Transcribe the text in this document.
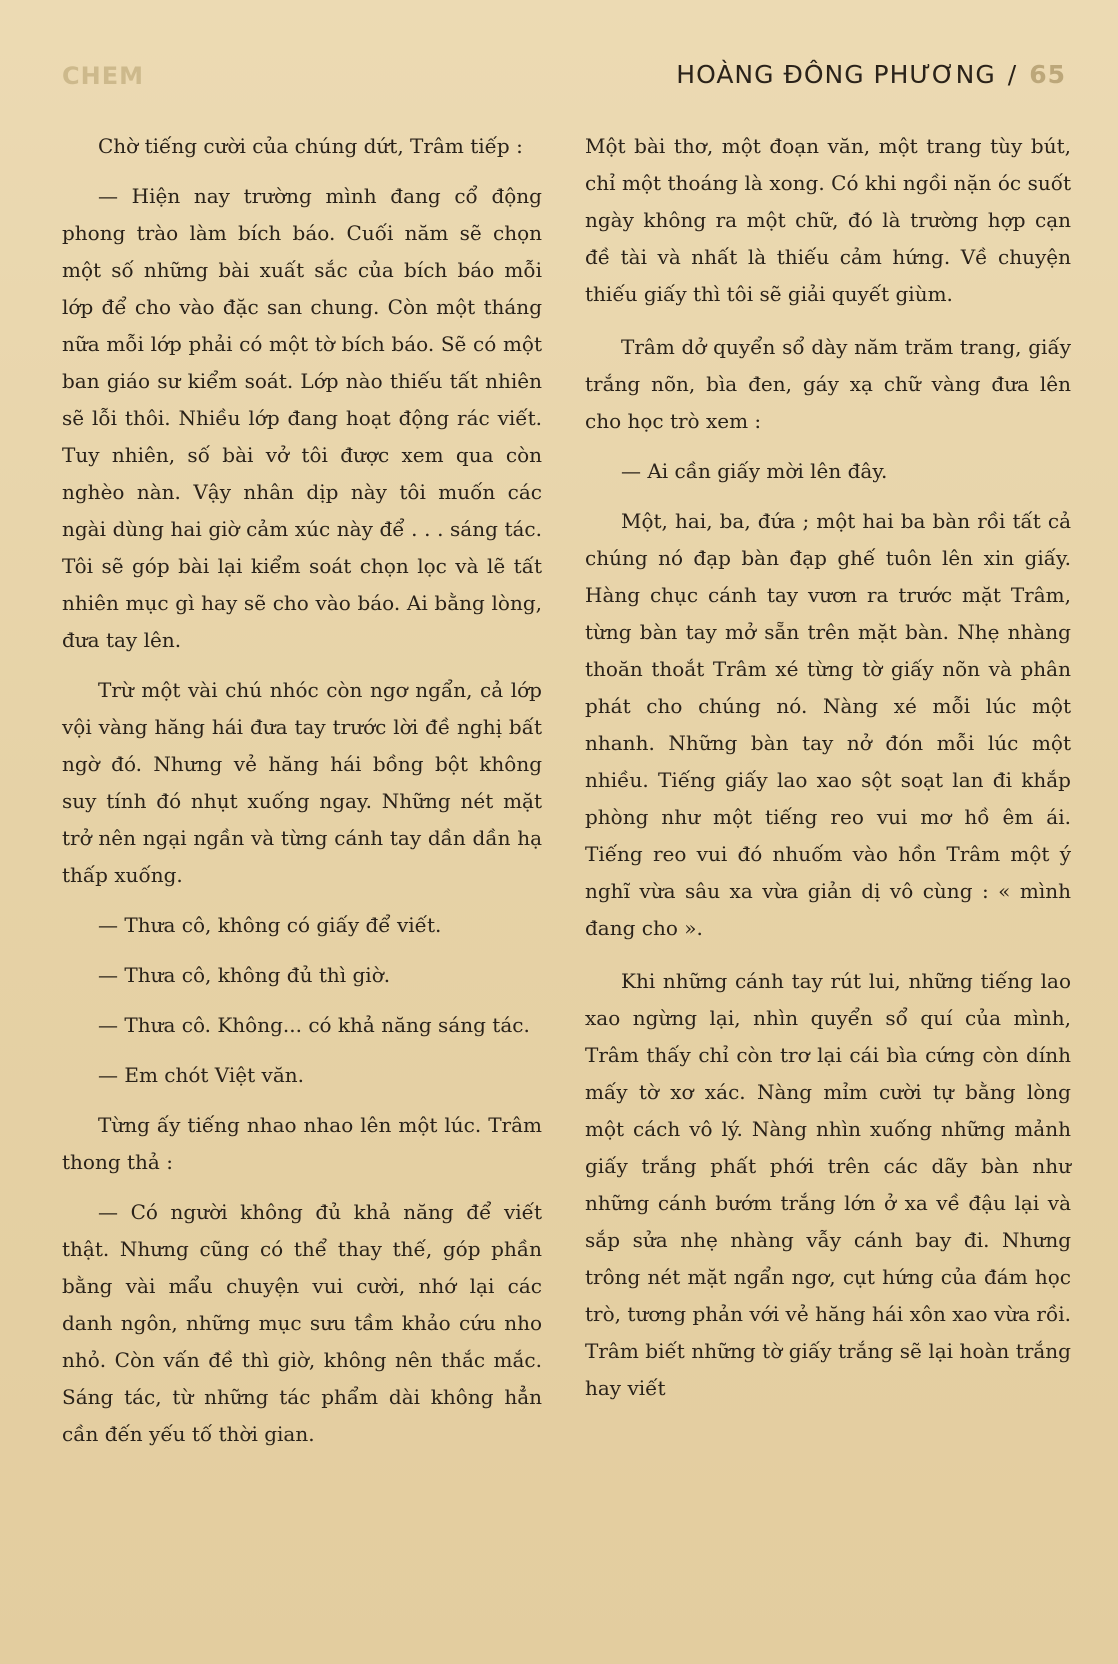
CHEM	HOÀNG ĐÔNG PHƯƠNG / 65

Chờ tiếng cười của chúng dứt, Trâm tiếp :

— Hiện nay trường mình đang cổ động phong trào làm bích báo. Cuối năm sẽ chọn một số những bài xuất sắc của bích báo mỗi lớp để cho vào đặc san chung. Còn một tháng nữa mỗi lớp phải có một tờ bích báo. Sẽ có một ban giáo sư kiểm soát. Lớp nào thiếu tất nhiên sẽ lỗi thôi. Nhiều lớp đang hoạt động rác viết. Tuy nhiên, số bài vở tôi được xem qua còn nghèo nàn. Vậy nhân dịp này tôi muốn các ngài dùng hai giờ cảm xúc này để . . . sáng tác. Tôi sẽ góp bài lại kiểm soát chọn lọc và lẽ tất nhiên mục gì hay sẽ cho vào báo. Ai bằng lòng, đưa tay lên.

Trừ một vài chú nhóc còn ngơ ngẩn, cả lớp vội vàng hăng hái đưa tay trước lời đề nghị bất ngờ đó. Nhưng vẻ hăng hái bồng bột không suy tính đó nhụt xuống ngay. Những nét mặt trở nên ngại ngần và từng cánh tay dần dần hạ thấp xuống.

— Thưa cô, không có giấy để viết.

— Thưa cô, không đủ thì giờ.

— Thưa cô. Không... có khả năng sáng tác.

— Em chót Việt văn.

Từng ấy tiếng nhao nhao lên một lúc. Trâm thong thả :

— Có người không đủ khả năng để viết thật. Nhưng cũng có thể thay thế, góp phần bằng vài mẩu chuyện vui cười, nhớ lại các danh ngôn, những mục sưu tầm khảo cứu nho nhỏ. Còn vấn đề thì giờ, không nên thắc mắc. Sáng tác, từ những tác phẩm dài không hẳn cần đến yếu tố thời gian.

Một bài thơ, một đoạn văn, một trang tùy bút, chỉ một thoáng là xong. Có khi ngồi nặn óc suốt ngày không ra một chữ, đó là trường hợp cạn đề tài và nhất là thiếu cảm hứng. Về chuyện thiếu giấy thì tôi sẽ giải quyết giùm.

Trâm dở quyển sổ dày năm trăm trang, giấy trắng nõn, bìa đen, gáy xạ chữ vàng đưa lên cho học trò xem :

— Ai cần giấy mời lên đây.

Một, hai, ba, đứa ; một hai ba bàn rồi tất cả chúng nó đạp bàn đạp ghế tuôn lên xin giấy. Hàng chục cánh tay vươn ra trước mặt Trâm, từng bàn tay mở sẵn trên mặt bàn. Nhẹ nhàng thoăn thoắt Trâm xé từng tờ giấy nõn và phân phát cho chúng nó. Nàng xé mỗi lúc một nhanh. Những bàn tay nở đón mỗi lúc một nhiều. Tiếng giấy lao xao sột soạt lan đi khắp phòng như một tiếng reo vui mơ hồ êm ái. Tiếng reo vui đó nhuốm vào hồn Trâm một ý nghĩ vừa sâu xa vừa giản dị vô cùng : « mình đang cho ».

Khi những cánh tay rút lui, những tiếng lao xao ngừng lại, nhìn quyển sổ quí của mình, Trâm thấy chỉ còn trơ lại cái bìa cứng còn dính mấy tờ xơ xác. Nàng mỉm cười tự bằng lòng một cách vô lý. Nàng nhìn xuống những mảnh giấy trắng phất phới trên các dãy bàn như những cánh bướm trắng lớn ở xa về đậu lại và sắp sửa nhẹ nhàng vẫy cánh bay đi. Nhưng trông nét mặt ngẩn ngơ, cụt hứng của đám học trò, tương phản với vẻ hăng hái xôn xao vừa rồi. Trâm biết những tờ giấy trắng sẽ lại hoàn trắng hay viết
